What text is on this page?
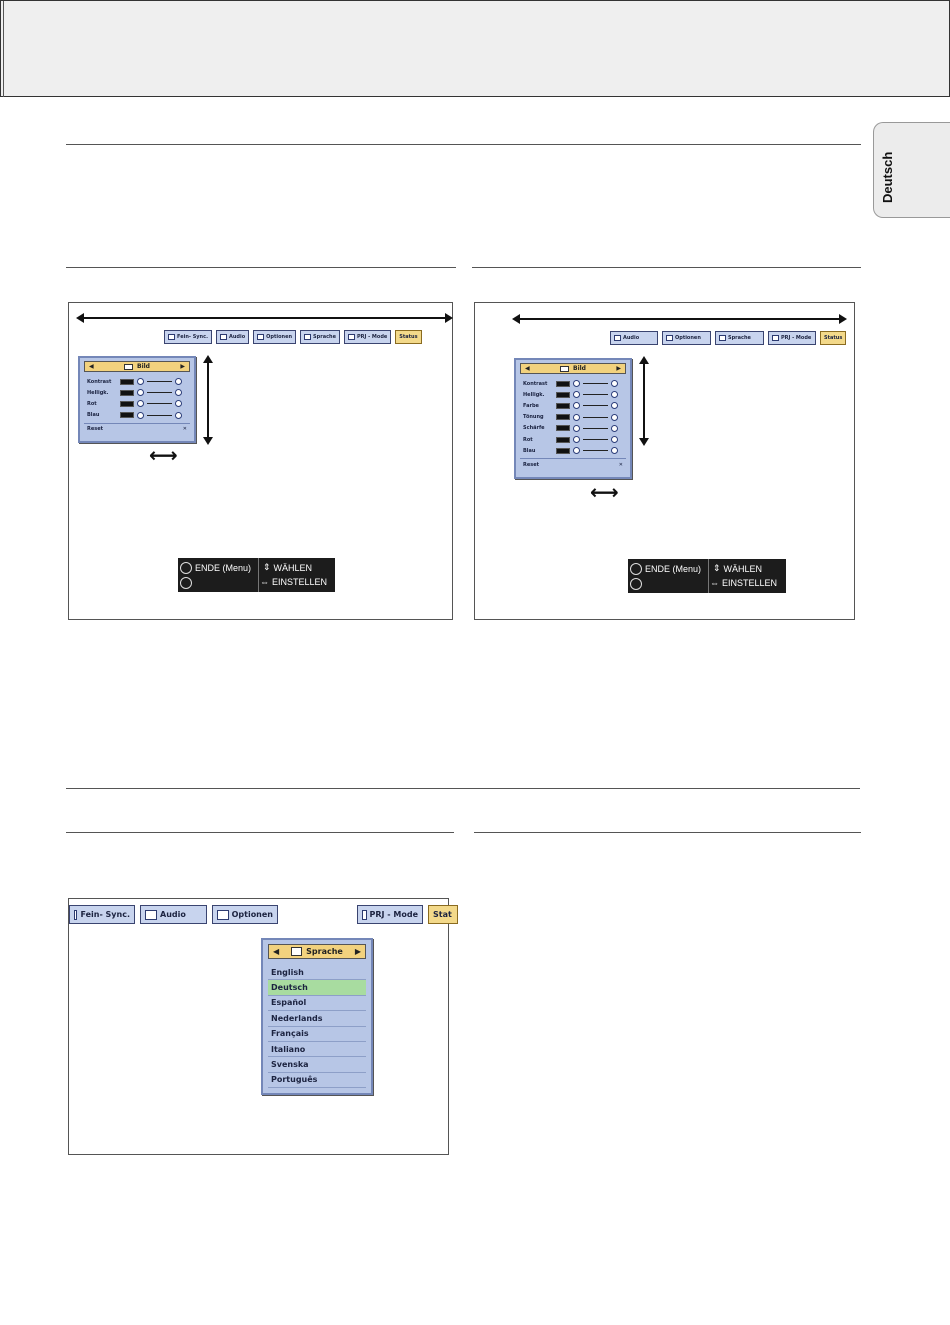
Deutsch
Fein- Sync.	Audio	Optionen	Sprache	PRJ - Mode Status
◀	Bild	▶
Kontrast
Helligk.
Rot
Blau
Reset	✕
⟷
ENDE (Menu) ⇕ WÄHLEN
⇔ EINSTELLEN
Audio	Optionen	Sprache	PRJ - Mode	Status
◀	Bild	▶
Kontrast
Helligk.
Farbe
Tönung
Schärfe
Rot
Blau
Reset	✕
⟷
ENDE (Menu) ⇕ WÄHLEN
⇔ EINSTELLEN
Fein- Sync.	Audio	Optionen	PRJ - Mode Stat
◀	Sprache ▶
English
Deutsch
Español
Nederlands
Français
Italiano
Svenska
Português
